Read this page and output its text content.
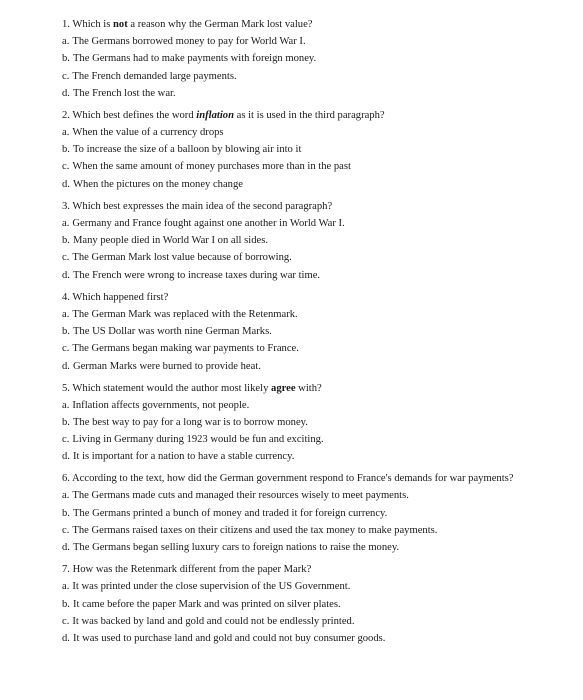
1. Which is not a reason why the German Mark lost value?
a. The Germans borrowed money to pay for World War I.
b. The Germans had to make payments with foreign money.
c. The French demanded large payments.
d. The French lost the war.
2. Which best defines the word inflation as it is used in the third paragraph?
a. When the value of a currency drops
b. To increase the size of a balloon by blowing air into it
c. When the same amount of money purchases more than in the past
d. When the pictures on the money change
3. Which best expresses the main idea of the second paragraph?
a. Germany and France fought against one another in World War I.
b. Many people died in World War I on all sides.
c. The German Mark lost value because of borrowing.
d. The French were wrong to increase taxes during war time.
4. Which happened first?
a. The German Mark was replaced with the Retenmark.
b. The US Dollar was worth nine German Marks.
c. The Germans began making war payments to France.
d. German Marks were burned to provide heat.
5. Which statement would the author most likely agree with?
a. Inflation affects governments, not people.
b. The best way to pay for a long war is to borrow money.
c. Living in Germany during 1923 would be fun and exciting.
d. It is important for a nation to have a stable currency.
6. According to the text, how did the German government respond to France's demands for war payments?
a. The Germans made cuts and managed their resources wisely to meet payments.
b. The Germans printed a bunch of money and traded it for foreign currency.
c. The Germans raised taxes on their citizens and used the tax money to make payments.
d. The Germans began selling luxury cars to foreign nations to raise the money.
7. How was the Retenmark different from the paper Mark?
a. It was printed under the close supervision of the US Government.
b. It came before the paper Mark and was printed on silver plates.
c. It was backed by land and gold and could not be endlessly printed.
d. It was used to purchase land and gold and could not buy consumer goods.
